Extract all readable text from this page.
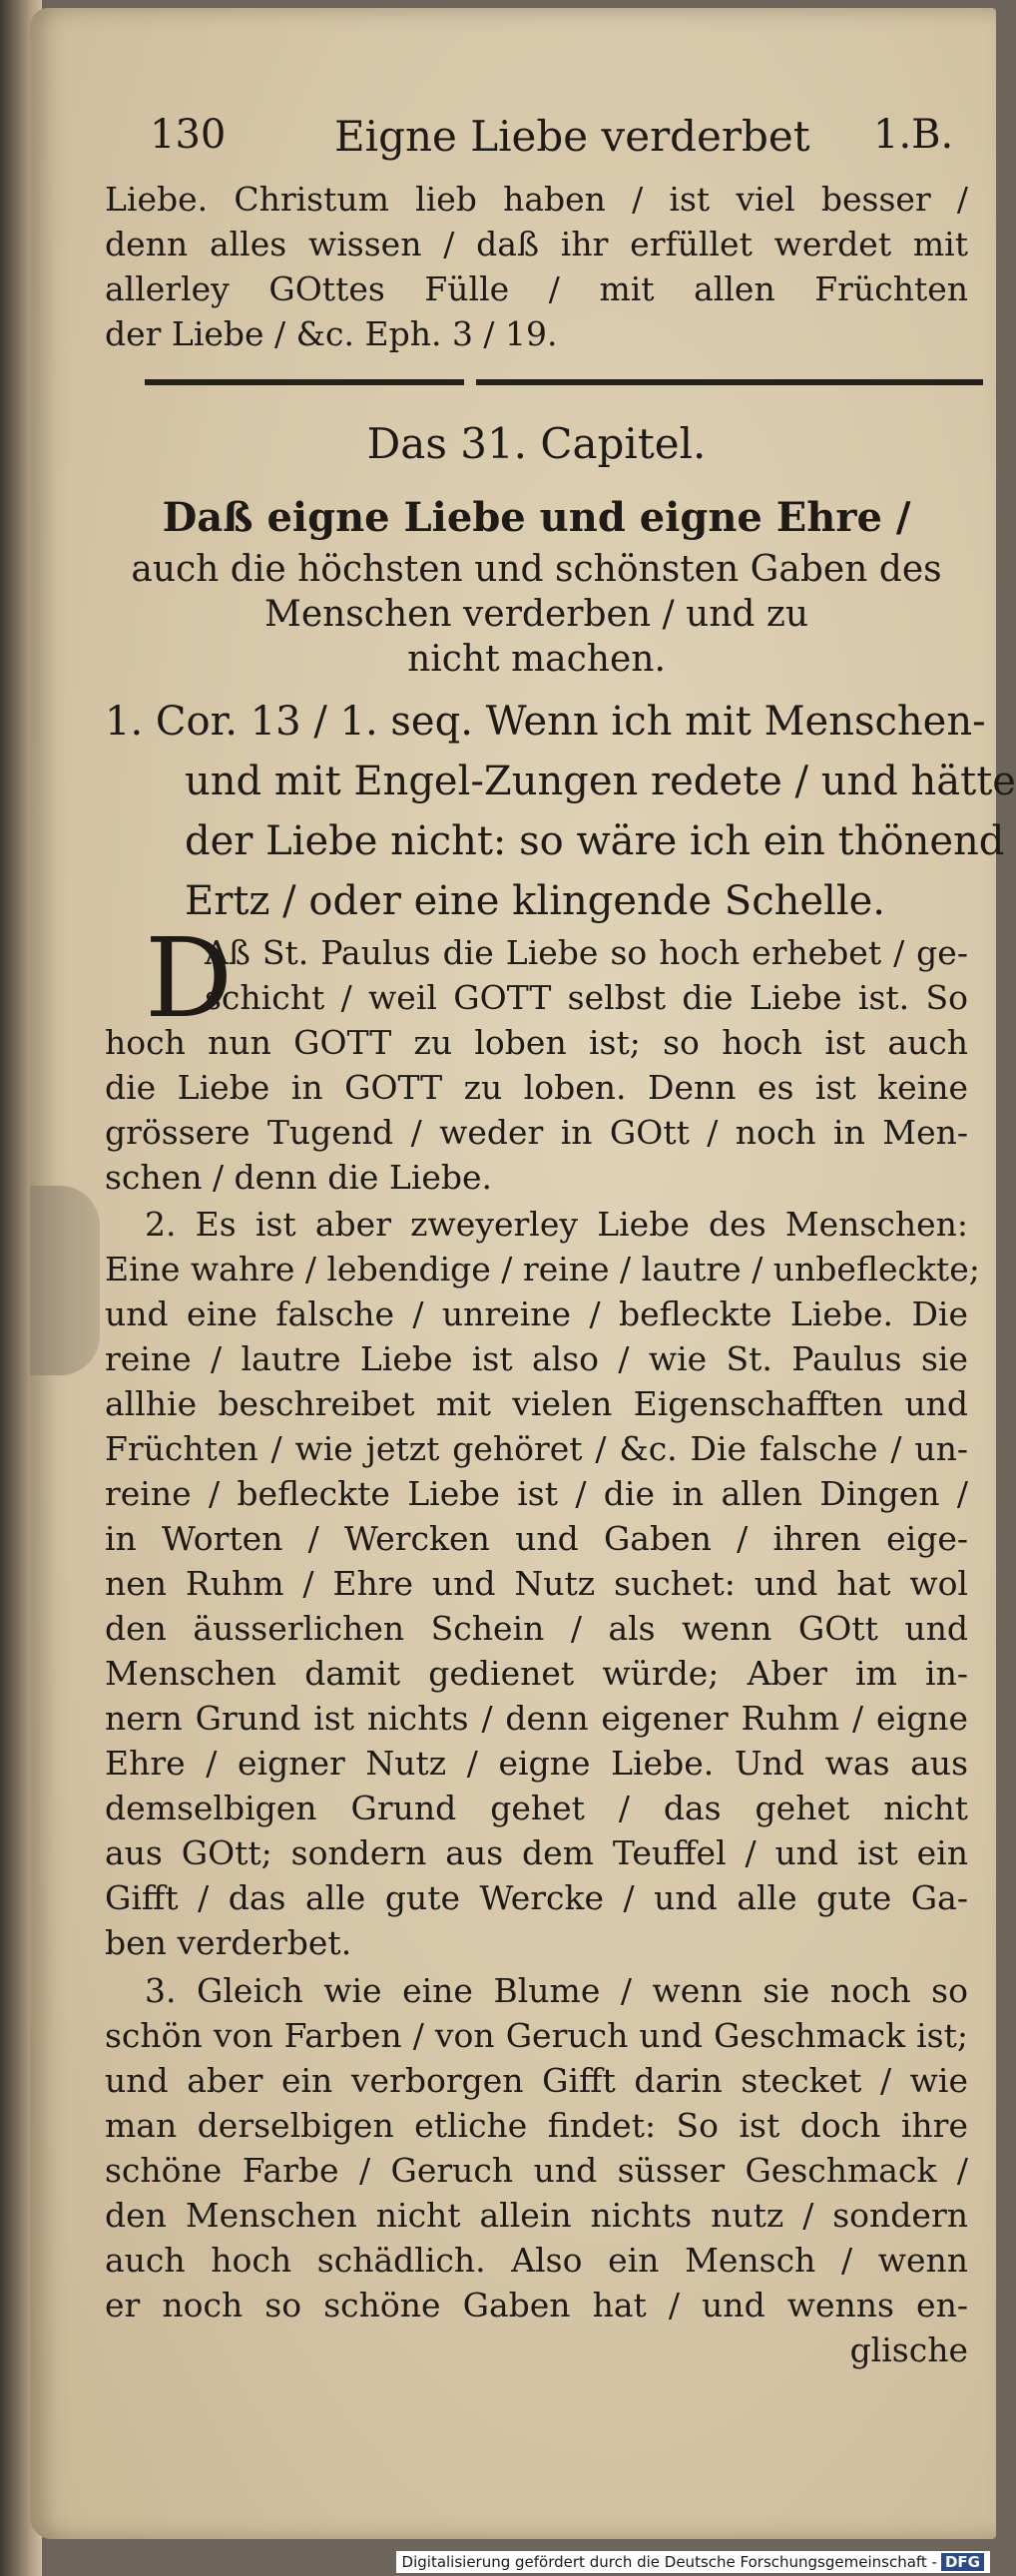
130	Eigne Liebe verderbet 1.B.
Liebe. Christum lieb haben / ist viel besser /
denn alles wissen / daß ihr erfüllet werdet mit
allerley GOttes Fülle / mit allen Früchten
der Liebe / &c. Eph. 3 / 19.
Das 31. Capitel.
Daß eigne Liebe und eigne Ehre /
auch die höchsten und schönsten Gaben des
Menschen verderben / und zu
nicht machen.
1. Cor. 13 / 1. seq. Wenn ich mit Menschen-
und mit Engel-Zungen redete / und hätte
der Liebe nicht: so wäre ich ein thönend
Ertz / oder eine klingende Schelle.
D
Aß St. Paulus die Liebe so hoch erhebet / ge-
schicht / weil GOTT selbst die Liebe ist. So
hoch nun GOTT zu loben ist; so hoch ist auch
die Liebe in GOTT zu loben. Denn es ist keine
grössere Tugend / weder in GOtt / noch in Men-
schen / denn die Liebe.
2. Es ist aber zweyerley Liebe des Menschen:
Eine wahre / lebendige / reine / lautre / unbefleckte;
und eine falsche / unreine / befleckte Liebe. Die
reine / lautre Liebe ist also / wie St. Paulus sie
allhie beschreibet mit vielen Eigenschafften und
Früchten / wie jetzt gehöret / &c. Die falsche / un-
reine / befleckte Liebe ist / die in allen Dingen /
in Worten / Wercken und Gaben / ihren eige-
nen Ruhm / Ehre und Nutz suchet: und hat wol
den äusserlichen Schein / als wenn GOtt und
Menschen damit gedienet würde; Aber im in-
nern Grund ist nichts / denn eigener Ruhm / eigne
Ehre / eigner Nutz / eigne Liebe. Und was aus
demselbigen Grund gehet / das gehet nicht
aus GOtt; sondern aus dem Teuffel / und ist ein
Gifft / das alle gute Wercke / und alle gute Ga-
ben verderbet.
3. Gleich wie eine Blume / wenn sie noch so
schön von Farben / von Geruch und Geschmack ist;
und aber ein verborgen Gifft darin stecket / wie
man derselbigen etliche findet: So ist doch ihre
schöne Farbe / Geruch und süsser Geschmack /
den Menschen nicht allein nichts nutz / sondern
auch hoch schädlich. Also ein Mensch / wenn
er noch so schöne Gaben hat / und wenns en-
glische
Digitalisierung gefördert durch die Deutsche Forschungsgemeinschaft - DFG
